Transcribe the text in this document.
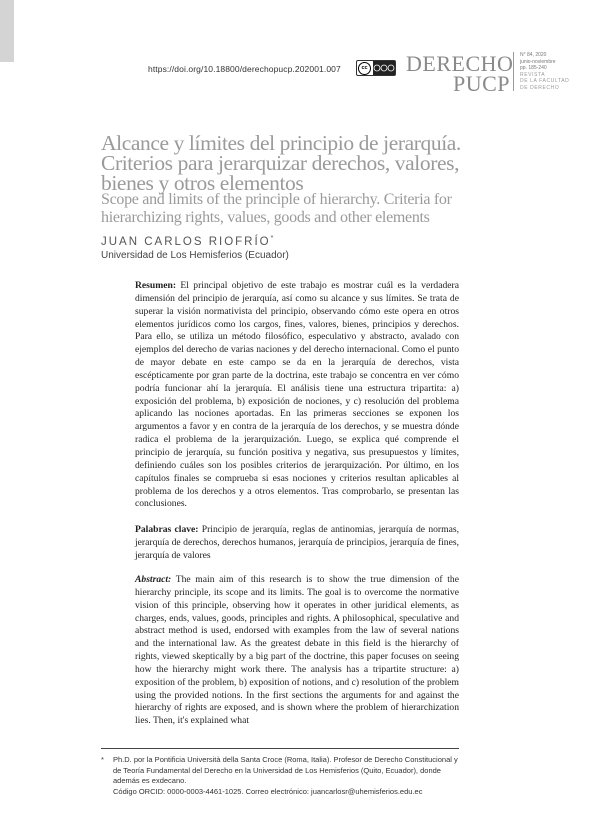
https://doi.org/10.18800/derechopucp.202001.007	cc DERECHO
PUCP
N° 84, 2020
junio-noviembre
pp. 185-240
REVISTA
DE LA FACULTAD
DE DERECHO
Alcance y límites del principio de jerarquía. Criterios para jerarquizar derechos, valores, bienes y otros elementos
Scope and limits of the principle of hierarchy. Criteria for hierarchizing rights, values, goods and other elements
JUAN CARLOS RIOFRÍO*
Universidad de Los Hemisferios (Ecuador)
Resumen: El principal objetivo de este trabajo es mostrar cuál es la verdadera dimensión del principio de jerarquía, así como su alcance y sus límites. Se trata de superar la visión normativista del principio, observando cómo este opera en otros elementos jurídicos como los cargos, fines, valores, bienes, principios y derechos. Para ello, se utiliza un método filosófico, especulativo y abstracto, avalado con ejemplos del derecho de varias naciones y del derecho internacional. Como el punto de mayor debate en este campo se da en la jerarquía de derechos, vista escépticamente por gran parte de la doctrina, este trabajo se concentra en ver cómo podría funcionar ahí la jerarquía. El análisis tiene una estructura tripartita: a) exposición del problema, b) exposición de nociones, y c) resolución del problema aplicando las nociones aportadas. En las primeras secciones se exponen los argumentos a favor y en contra de la jerarquía de los derechos, y se muestra dónde radica el problema de la jerarquización. Luego, se explica qué comprende el principio de jerarquía, su función positiva y negativa, sus presupuestos y límites, definiendo cuáles son los posibles criterios de jerarquización. Por último, en los capítulos finales se comprueba si esas nociones y criterios resultan aplicables al problema de los derechos y a otros elementos. Tras comprobarlo, se presentan las conclusiones.
Palabras clave: Principio de jerarquía, reglas de antinomias, jerarquía de normas, jerarquía de derechos, derechos humanos, jerarquía de principios, jerarquía de fines, jerarquía de valores
Abstract: The main aim of this research is to show the true dimension of the hierarchy principle, its scope and its limits. The goal is to overcome the normative vision of this principle, observing how it operates in other juridical elements, as charges, ends, values, goods, principles and rights. A philosophical, speculative and abstract method is used, endorsed with examples from the law of several nations and the international law. As the greatest debate in this field is the hierarchy of rights, viewed skeptically by a big part of the doctrine, this paper focuses on seeing how the hierarchy might work there. The analysis has a tripartite structure: a) exposition of the problem, b) exposition of notions, and c) resolution of the problem using the provided notions. In the first sections the arguments for and against the hierarchy of rights are exposed, and is shown where the problem of hierarchization lies. Then, it's explained what
* Ph.D. por la Pontificia Università della Santa Croce (Roma, Italia). Profesor de Derecho Constitucional y de Teoría Fundamental del Derecho en la Universidad de Los Hemisferios (Quito, Ecuador), donde además es exdecano.
Código ORCID: 0000-0003-4461-1025. Correo electrónico: juancarlosr@uhemisferios.edu.ec
